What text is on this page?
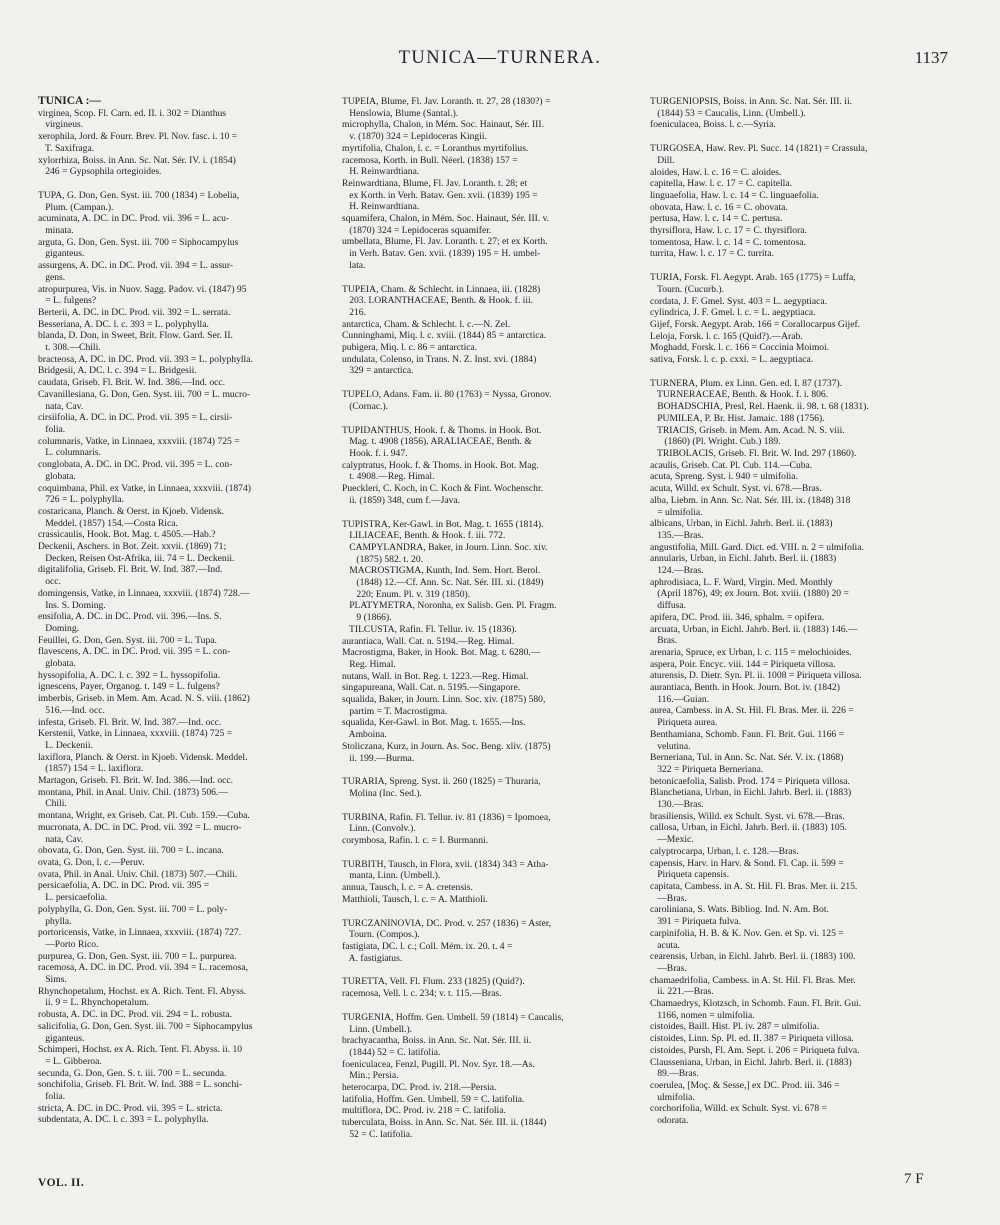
TUNICA—TURNERA.	1137
TUNICA :—
virginea, Scop. Fl. Carn. ed. II. i. 302 = Dianthus
virgineus.
xerophila, Jord. & Fourr. Brev. Pl. Nov. fasc. i. 10 =
T. Saxifraga.
xylorrhiza, Boiss. in Ann. Sc. Nat. Sér. IV. i. (1854)
246 = Gypsophila ortegioides.
TUPA, G. Don, Gen. Syst. iii. 700 (1834) = Lobelia,
Plum. (Campan.).
acuminata, A. DC. in DC. Prod. vii. 396 = L. acu-
minata.
arguta, G. Don, Gen. Syst. iii. 700 = Siphocampylus
giganteus.
assurgens, A. DC. in DC. Prod. vii. 394 = L. assur-
gens.
atropurpurea, Vis. in Nuov. Sagg. Padov. vi. (1847) 95
= L. fulgens?
Berterii, A. DC. in DC. Prod. vii. 392 = L. serrata.
Besseriana, A. DC. l. c. 393 = L. polyphylla.
blanda, D. Don, in Sweet, Brit. Flow. Gard. Ser. II.
t. 308.—Chili.
bracteosa, A. DC. in DC. Prod. vii. 393 = L. polyphylla.
Bridgesii, A. DC. l. c. 394 = L. Bridgesii.
caudata, Griseb. Fl. Brit. W. Ind. 386.—Ind. occ.
Cavanillesiana, G. Don, Gen. Syst. iii. 700 = L. mucro-
nata, Cav.
cirsiifolia, A. DC. in DC. Prod. vii. 395 = L. cirsii-
folia.
columnaris, Vatke, in Linnaea, xxxviii. (1874) 725 =
L. columnaris.
conglobata, A. DC. in DC. Prod. vii. 395 = L. con-
globata.
coquimbana, Phil. ex Vatke, in Linnaea, xxxviii. (1874)
726 = L. polyphylla.
costaricana, Planch. & Oerst. in Kjoeb. Vidensk.
Meddel. (1857) 154.—Costa Rica.
crassicaulis, Hook. Bot. Mag. t. 4505.—Hab.?
Deckenii, Aschers. in Bot. Zeit. xxvii. (1869) 71;
Decken, Reisen Ost-Afrika, iii. 74 = L. Deckenii.
digitalifolia, Griseb. Fl. Brit. W. Ind. 387.—Ind.
occ.
domingensis, Vatke, in Linnaea, xxxviii. (1874) 728.—
Ins. S. Doming.
ensifolia, A. DC. in DC. Prod. vii. 396.—Ins. S.
Doming.
Feuillei, G. Don, Gen. Syst. iii. 700 = L. Tupa.
flavescens, A. DC. in DC. Prod. vii. 395 = L. con-
globata.
hyssopifolia, A. DC. l. c. 392 = L. hyssopifolia.
ignescens, Payer, Organog. t. 149 = L. fulgens?
imberbis, Griseb. in Mem. Am. Acad. N. S. viii. (1862)
516.—Ind. occ.
infesta, Griseb. Fl. Brit. W. Ind. 387.—Ind. occ.
Kerstenii, Vatke, in Linnaea, xxxviii. (1874) 725 =
L. Deckenii.
laxiflora, Planch. & Oerst. in Kjoeb. Vidensk. Meddel.
(1857) 154 = L. laxiflora.
Martagon, Griseb. Fl. Brit. W. Ind. 386.—Ind. occ.
montana, Phil. in Anal. Univ. Chil. (1873) 506.—
Chili.
montana, Wright, ex Griseb. Cat. Pl. Cub. 159.—Cuba.
mucronata, A. DC. in DC. Prod. vii. 392 = L. mucro-
nata, Cav.
obovata, G. Don, Gen. Syst. iii. 700 = L. incana.
ovata, G. Don, l. c.—Peruv.
ovata, Phil. in Anal. Univ. Chil. (1873) 507.—Chili.
persicaefolia, A. DC. in DC. Prod. vii. 395 =
L. persicaefolia.
polyphylla, G. Don, Gen. Syst. iii. 700 = L. poly-
phylla.
portoricensis, Vatke, in Linnaea, xxxviii. (1874) 727.
—Porto Rico.
purpurea, G. Don, Gen. Syst. iii. 700 = L. purpurea.
racemosa, A. DC. in DC. Prod. vii. 394 = L. racemosa,
Sims.
Rhynchopetalum, Hochst. ex A. Rich. Tent. Fl. Abyss.
ii. 9 = L. Rhynchopetalum.
robusta, A. DC. in DC. Prod. vii. 294 = L. robusta.
salicifolia, G. Don, Gen. Syst. iii. 700 = Siphocampylus
giganteus.
Schimperi, Hochst. ex A. Rich. Tent. Fl. Abyss. ii. 10
= L. Gibberoa.
secunda, G. Don, Gen. S. t. iii. 700 = L. secunda.
sonchifolia, Griseb. Fl. Brit. W. Ind. 388 = L. sonchi-
folia.
stricta, A. DC. in DC. Prod. vii. 395 = L. stricta.
subdentata, A. DC. l. c. 393 = L. polyphylla.
TUPEIA, Blume, Fl. Jav. Loranth. tt. 27, 28 (1830?) =
Henslowia, Blume (Santal.).
microphylla, Chalon, in Mém. Soc. Hainaut, Sér. III.
v. (1870) 324 = Lepidoceras Kingii.
myrtifolia, Chalon, l. c. = Loranthus myrtifolius.
racemosa, Korth. in Bull. Néerl. (1838) 157 =
H. Reinwardtiana.
Reinwardtiana, Blume, Fl. Jav. Loranth. t. 28; et
ex Korth. in Verh. Batav. Gen. xvii. (1839) 195 =
H. Reinwardtiana.
squamifera, Chalon, in Mém. Soc. Hainaut, Sér. III. v.
(1870) 324 = Lepidoceras squamifer.
umbellata, Blume, Fl. Jav. Loranth. t. 27; et ex Korth.
in Verh. Batav. Gen. xvii. (1839) 195 = H. umbel-
lata.
TUPEIA, Cham. & Schlecht. in Linnaea, iii. (1828)
203. LORANTHACEAE, Benth. & Hook. f. iii.
216.
antarctica, Cham. & Schlecht. l. c.—N. Zel.
Cunninghami, Miq. l. c. xviii. (1844) 85 = antarctica.
pubigera, Miq. l. c. 86 = antarctica.
undulata, Colenso, in Trans. N. Z. Inst. xvi. (1884)
329 = antarctica.
TUPELO, Adans. Fam. ii. 80 (1763) = Nyssa, Gronov.
(Cornac.).
TUPIDANTHUS, Hook. f. & Thoms. in Hook. Bot.
Mag. t. 4908 (1856). ARALIACEAE, Benth. &
Hook. f. i. 947.
calyptratus, Hook. f. & Thoms. in Hook. Bot. Mag.
t. 4908.—Reg. Himal.
Pueckleri, C. Koch, in C. Koch & Fint. Wochenschr.
ii. (1859) 348, cum f.—Java.
TUPISTRA, Ker-Gawl. in Bot. Mag. t. 1655 (1814).
LILIACEAE, Benth. & Hook. f. iii. 772.
CAMPYLANDRA, Baker, in Journ. Linn. Soc. xiv.
(1875) 582. t. 20.
MACROSTIGMA, Kunth, Ind. Sem. Hort. Berol.
(1848) 12.—Cf. Ann. Sc. Nat. Sér. III. xi. (1849)
220; Enum. Pl. v. 319 (1850).
PLATYMETRA, Noronha, ex Salisb. Gen. Pl. Fragm.
9 (1866).
TILCUSTA, Rafin. Fl. Tellur. iv. 15 (1836).
aurantiaca, Wall. Cat. n. 5194.—Reg. Himal.
Macrostigma, Baker, in Hook. Bot. Mag. t. 6280.—
Reg. Himal.
nutans, Wall. in Bot. Reg. t. 1223.—Reg. Himal.
singapureana, Wall. Cat. n. 5195.—Singapore.
squalida, Baker, in Journ. Linn. Soc. xiv. (1875) 580,
partim = T. Macrostigma.
squalida, Ker-Gawl. in Bot. Mag. t. 1655.—Ins.
Amboina.
Stoliczana, Kurz, in Journ. As. Soc. Beng. xliv. (1875)
ii. 199.—Burma.
TURARIA, Spreng. Syst. ii. 260 (1825) = Thuraria,
Molina (Inc. Sed.).
TURBINA, Rafin. Fl. Tellur. iv. 81 (1836) = Ipomoea,
Linn. (Convolv.).
corymbosa, Rafin. l. c. = I. Burmanni.
TURBITH, Tausch, in Flora, xvii. (1834) 343 = Atha-
manta, Linn. (Umbell.).
annua, Tausch, l. c. = A. cretensis.
Matthioli, Tausch, l. c. = A. Matthioli.
TURCZANINOVIA, DC. Prod. v. 257 (1836) = Aster,
Tourn. (Compos.).
fastigiata, DC. l. c.; Coll. Mém. ix. 20. t. 4 =
A. fastigiatus.
TURETTA, Vell. Fl. Flum. 233 (1825) (Quid?).
racemosa, Vell. l. c. 234; v. t. 115.—Bras.
TURGENIA, Hoffm. Gen. Umbell. 59 (1814) = Caucalis,
Linn. (Umbell.).
brachyacantha, Boiss. in Ann. Sc. Nat. Sér. III. ii.
(1844) 52 = C. latifolia.
foeniculacea, Fenzl, Pugill. Pl. Nov. Syr. 18.—As.
Min.; Persia.
heterocarpa, DC. Prod. iv. 218.—Persia.
latifolia, Hoffm. Gen. Umbell. 59 = C. latifolia.
multiflora, DC. Prod. iv. 218 = C. latifolia.
tuberculata, Boiss. in Ann. Sc. Nat. Sér. III. ii. (1844)
52 = C. latifolia.
TURGENIOPSIS, Boiss. in Ann. Sc. Nat. Sér. III. ii.
(1844) 53 = Caucalis, Linn. (Umbell.).
foeniculacea, Boiss. l. c.—Syria.
TURGOSEA, Haw. Rev. Pl. Succ. 14 (1821) = Crassula,
Dill.
aloides, Haw. l. c. 16 = C. aloides.
capitella, Haw. l. c. 17 = C. capitella.
linguaefolia, Haw. l. c. 14 = C. linguaefolia.
obovata, Haw. l. c. 16 = C. obovata.
pertusa, Haw. l. c. 14 = C. pertusa.
thyrsiflora, Haw. l. c. 17 = C. thyrsiflora.
tomentosa, Haw. l. c. 14 = C. tomentosa.
turrita, Haw. l. c. 17 = C. turrita.
TURIA, Forsk. Fl. Aegypt. Arab. 165 (1775) = Luffa,
Tourn. (Cucurb.).
cordata, J. F. Gmel. Syst. 403 = L. aegyptiaca.
cylindrica, J. F. Gmel. l. c. = L. aegyptiaca.
Gijef, Forsk. Aegypt. Arab. 166 = Corallocarpus Gijef.
Leloja, Forsk. l. c. 165 (Quid?).—Arab.
Moghadd, Forsk. l. c. 166 = Coccinia Moimoi.
sativa, Forsk. l. c. p. cxxi. = L. aegyptiaca.
TURNERA, Plum. ex Linn. Gen. ed. I. 87 (1737).
TURNERACEAE, Benth. & Hook. f. i. 806.
BOHADSCHIA, Presl, Rel. Haenk. ii. 98. t. 68 (1831).
PUMILEA, P. Br. Hist. Jamaic. 188 (1756).
TRIACIS, Griseb. in Mem. Am. Acad. N. S. viii.
(1860) (Pl. Wright. Cub.) 189.
TRIBOLACIS, Griseb. Fl. Brit. W. Ind. 297 (1860).
acaulis, Griseb. Cat. Pl. Cub. 114.—Cuba.
acuta, Spreng. Syst. i. 940 = ulmifolia.
acuta, Willd. ex Schult. Syst. vi. 678.—Bras.
alba, Liebm. in Ann. Sc. Nat. Sér. III. ix. (1848) 318
= ulmifolia.
albicans, Urban, in Eichl. Jahrb. Berl. ii. (1883)
135.—Bras.
angustifolia, Mill. Gard. Dict. ed. VIII. n. 2 = ulmifolia.
annularis, Urban, in Eichl. Jahrb. Berl. ii. (1883)
124.—Bras.
aphrodisiaca, L. F. Ward, Virgin. Med. Monthly
(April 1876), 49; ex Journ. Bot. xviii. (1880) 20 =
diffusa.
apifera, DC. Prod. iii. 346, sphalm. = opifera.
arcuata, Urban, in Eichl. Jahrb. Berl. ii. (1883) 146.—
Bras.
arenaria, Spruce, ex Urban, l. c. 115 = melochioides.
aspera, Poir. Encyc. viii. 144 = Piriqueta villosa.
aturensis, D. Dietr. Syn. Pl. ii. 1008 = Piriqueta villosa.
aurantiaca, Benth. in Hook. Journ. Bot. iv. (1842)
116.—Guian.
aurea, Cambess. in A. St. Hil. Fl. Bras. Mer. ii. 226 =
Piriqueta aurea.
Benthamiana, Schomb. Faun. Fl. Brit. Gui. 1166 =
velutina.
Berneriana, Tul. in Ann. Sc. Nat. Sér. V. ix. (1868)
322 = Piriqueta Berneriana.
betonicaefolia, Salisb. Prod. 174 = Piriqueta villosa.
Blanchetiana, Urban, in Eichl. Jahrb. Berl. ii. (1883)
130.—Bras.
brasiliensis, Willd. ex Schult. Syst. vi. 678.—Bras.
callosa, Urban, in Eichl. Jahrb. Berl. ii. (1883) 105.
—Mexic.
calyptrocarpa, Urban, l. c. 128.—Bras.
capensis, Harv. in Harv. & Sond. Fl. Cap. ii. 599 =
Piriqueta capensis.
capitata, Cambess. in A. St. Hil. Fl. Bras. Mer. ii. 215.
—Bras.
caroliniana, S. Wats. Bibliog. Ind. N. Am. Bot.
391 = Piriqueta fulva.
carpinifolia, H. B. & K. Nov. Gen. et Sp. vi. 125 =
acuta.
cearensis, Urban, in Eichl. Jahrb. Berl. ii. (1883) 100.
—Bras.
chamaedrifolia, Cambess. in A. St. Hil. Fl. Bras. Mer.
ii. 221.—Bras.
Chamaedrys, Klotzsch, in Schomb. Faun. Fl. Brit. Gui.
1166, nomen = ulmifolia.
cistoides, Baill. Hist. Pl. iv. 287 = ulmifolia.
cistoides, Linn. Sp. Pl. ed. II. 387 = Piriqueta villosa.
cistoides, Pursh, Fl. Am. Sept. i. 206 = Piriqueta fulva.
Clausseniana, Urban, in Eichl. Jahrb. Berl. ii. (1883)
89.—Bras.
coerulea, [Moç. & Sesse,] ex DC. Prod. iii. 346 =
ulmifolia.
corchorifolia, Willd. ex Schult. Syst. vi. 678 =
odorata.
VOL. II.	7 F
